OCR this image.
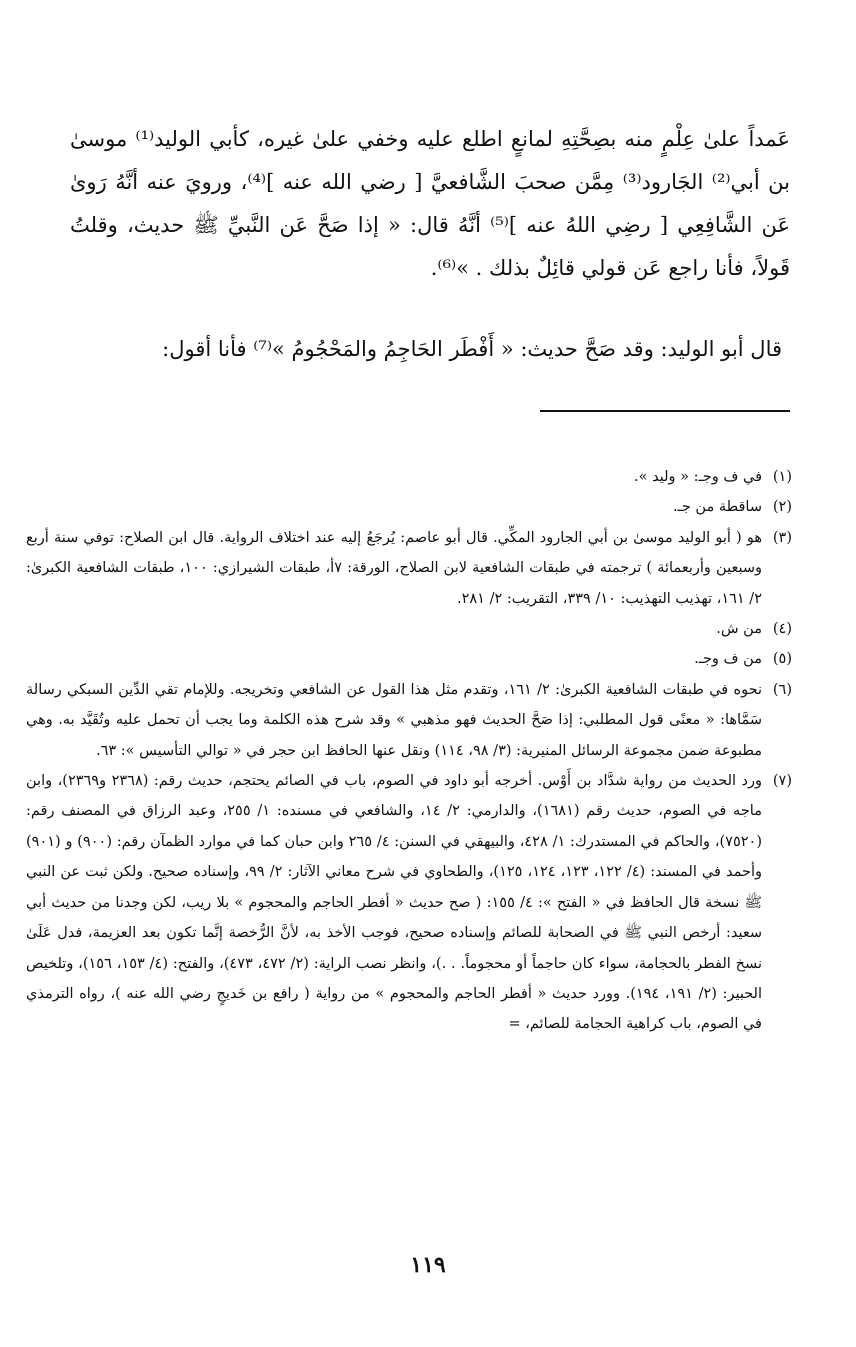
عَمداً علىٰ عِلْمٍ منه بصِحَّتِهِ لمانعٍ اطلع عليه وخفي علىٰ غيره، كأبي الوليد⁽¹⁾ موسىٰ بن أبي⁽²⁾ الجَارود⁽³⁾ مِمَّن صحبَ الشَّافعيَّ [ رضي الله عنه ]⁽⁴⁾، ورويَ عنه أنَّهُ رَوىٰ عَن الشَّافِعِي [ رضِي اللهُ عنه ]⁽⁵⁾ أنَّهُ قال: « إذا صَحَّ عَن النَّبيِّ ﷺ حديث، وقلتُ قَولاً، فأنا راجع عَن قولي قائِلٌ بذلك . »⁽⁶⁾.

قال أبو الوليد: وقد صَحَّ حديث: « أَفْطَر الحَاجِمُ والمَحْجُومُ »⁽⁷⁾ فأنا أقول:
(١)
في ف وجـ: « وليد ».
(٢)
ساقطة من جـ.
(٣)
هو ( أبو الوليد موسىٰ بن أبي الجارود المكِّي. قال أبو عاصم: يُرجَعُ إليه عند اختلاف الرواية. قال ابن الصلاح: توفي سنة أربع وسبعين وأربعمائة ) ترجمته في طبقات الشافعية لابن الصلاح، الورقة: ٧أ، طبقات الشيرازي: ١٠٠، طبقات الشافعية الكبرىٰ: ٢/ ١٦١، تهذيب التهذيب: ١٠/ ٣٣٩، التقريب: ٢/ ٢٨١.
(٤)
من ش.
(٥)
من ف وجـ.
(٦)
نحوه في طبقات الشافعية الكبرىٰ: ٢/ ١٦١، وتقدم مثل هذا القول عن الشافعي وتخريجه. وللإمام تقي الدِّين السبكي رسالة سَمَّاها: « معنًى قول المطلبي: إذا صَحَّ الحديث فهو مذهبي » وقد شرح هذه الكلمة وما يجب أن تحمل عليه وتُقَيَّد به. وهي مطبوعة ضمن مجموعة الرسائل المنيرية: (٣/ ٩٨، ١١٤) ونقل عنها الحافظ ابن حجر في « توالي التأسيس »: ٦٣.
(٧)
ورد الحديث من رواية شدَّاد بن أَوْس. أخرجه أبو داود في الصوم، باب في الصائم يحتجم، حديث رقم: (٢٣٦٨ و٢٣٦٩)، وابن ماجه في الصوم، حديث رقم (١٦٨١)، والدارمي: ٢/ ١٤، والشافعي في مسنده: ١/ ٢٥٥، وعبد الرزاق في المصنف رقم: (٧٥٢٠)، والحاكم في المستدرك: ١/ ٤٢٨، والبيهقي في السنن: ٤/ ٢٦٥ وابن حبان كما في موارد الظمآن رقم: (٩٠٠) و (٩٠١) وأحمد في المسند: (٤/ ١٢٢، ١٢٣، ١٢٤، ١٢٥)، والطحاوي في شرح معاني الآثار: ٢/ ٩٩، وإسناده صحيح. ولكن ثبت عن النبي ﷺ نسخة قال الحافظ في « الفتح »: ٤/ ١٥٥: ( صح حديث « أفطر الحاجم والمحجوم » بلا ريب، لكن وجدنا من حديث أبي سعيد: أرخص النبي ﷺ في الصحابة للصائم وإسناده صحيح، فوجب الأخذ به، لأنَّ الرُّخصة إنَّما تكون بعد العزيمة، فدل عَلَىٰ نسخ الفطر بالحجامة، سواء كان حاجماً أو محجوماً. . .)، وانظر نصب الراية: (٢/ ٤٧٢، ٤٧٣)، والفتح: (٤/ ١٥٣، ١٥٦)، وتلخيص الحبير: (٢/ ١٩١، ١٩٤). وورد حديث « أفطر الحاجم والمحجوم » من رواية ( رافع بن خَديجٍ رضي الله عنه )، رواه الترمذي في الصوم، باب كراهية الحجامة للصائم، =
١١٩
